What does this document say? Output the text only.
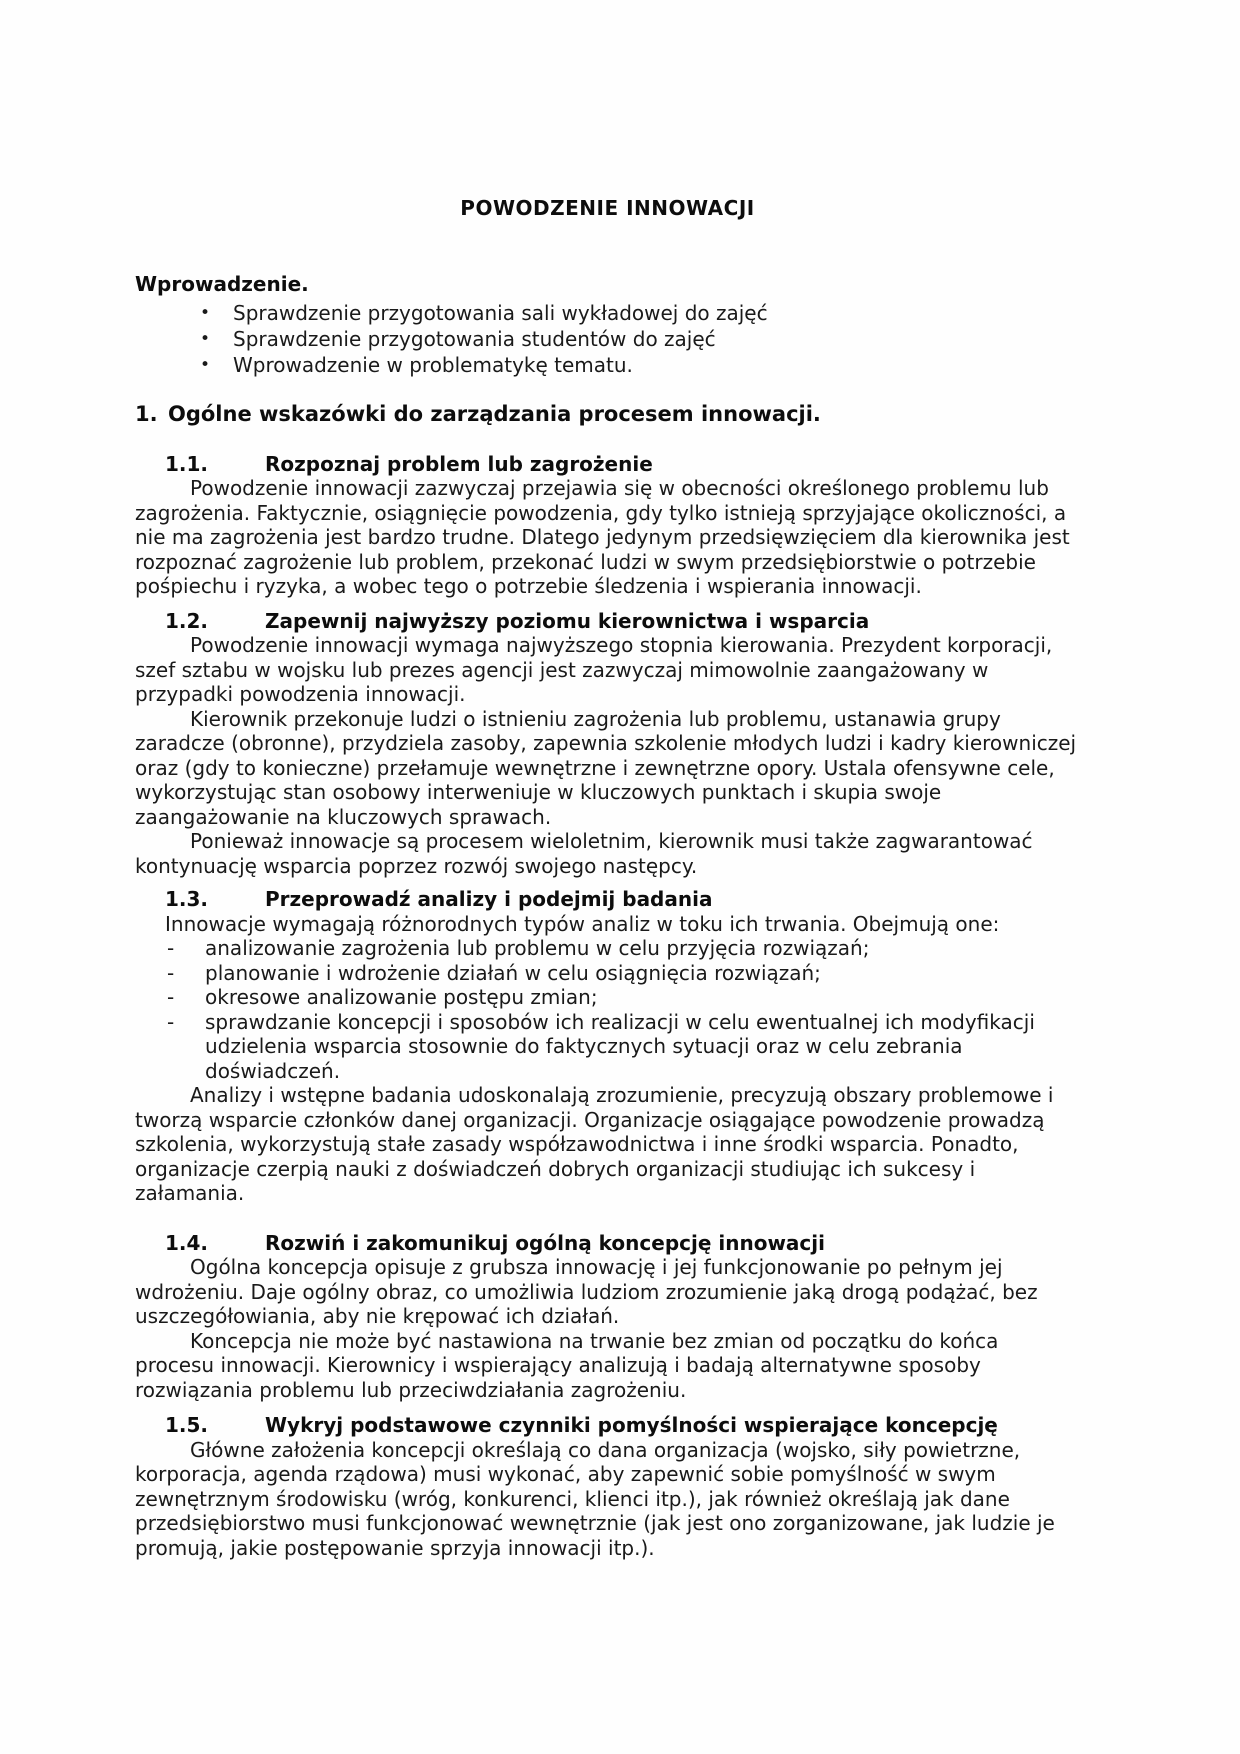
POWODZENIE INNOWACJI

Wprowadzenie.

•	Sprawdzenie przygotowania sali wykładowej do zajęć
•	Sprawdzenie przygotowania studentów do zajęć
•	Wprowadzenie w problematykę tematu.
1. Ogólne wskazówki do zarządzania procesem innowacji.
1.1.	Rozpoznaj problem lub zagrożenie

Powodzenie innowacji zazwyczaj przejawia się w obecności określonego problemu lub zagrożenia. Faktycznie, osiągnięcie powodzenia, gdy tylko istnieją sprzyjające okoliczności, a nie ma zagrożenia jest bardzo trudne. Dlatego jedynym przedsięwzięciem dla kierownika jest rozpoznać zagrożenie lub problem, przekonać ludzi w swym przedsiębiorstwie o potrzebie pośpiechu i ryzyka, a wobec tego o potrzebie śledzenia i wspierania innowacji.

1.2.	Zapewnij najwyższy poziomu kierownictwa i wsparcia

Powodzenie innowacji wymaga najwyższego stopnia kierowania. Prezydent korporacji, szef sztabu w wojsku lub prezes agencji jest zazwyczaj mimowolnie zaangażowany w przypadki powodzenia innowacji.

Kierownik przekonuje ludzi o istnieniu zagrożenia lub problemu, ustanawia grupy zaradcze (obronne), przydziela zasoby, zapewnia szkolenie młodych ludzi i kadry kierowniczej oraz (gdy to konieczne) przełamuje wewnętrzne i zewnętrzne opory. Ustala ofensywne cele, wykorzystując stan osobowy interweniuje w kluczowych punktach i skupia swoje zaangażowanie na kluczowych sprawach.

Ponieważ innowacje są procesem wieloletnim, kierownik musi także zagwarantować kontynuację wsparcia poprzez rozwój swojego następcy.

1.3.	Przeprowadź analizy i podejmij badania

Innowacje wymagają różnorodnych typów analiz w toku ich trwania. Obejmują one:

-	analizowanie zagrożenia lub problemu w celu przyjęcia rozwiązań;
-	planowanie i wdrożenie działań w celu osiągnięcia rozwiązań;
-	okresowe analizowanie postępu zmian;
-	sprawdzanie koncepcji i sposobów ich realizacji w celu ewentualnej ich modyfikacji udzielenia wsparcia stosownie do faktycznych sytuacji oraz w celu zebrania doświadczeń.

Analizy i wstępne badania udoskonalają zrozumienie, precyzują obszary problemowe i tworzą wsparcie członków danej organizacji. Organizacje osiągające powodzenie prowadzą szkolenia, wykorzystują stałe zasady współzawodnictwa i inne środki wsparcia. Ponadto, organizacje czerpią nauki z doświadczeń dobrych organizacji studiując ich sukcesy i załamania.

1.4.	Rozwiń i zakomunikuj ogólną koncepcję innowacji

Ogólna koncepcja opisuje z grubsza innowację i jej funkcjonowanie po pełnym jej wdrożeniu. Daje ogólny obraz, co umożliwia ludziom zrozumienie jaką drogą podążać, bez uszczegółowiania, aby nie krępować ich działań.

Koncepcja nie może być nastawiona na trwanie bez zmian od początku do końca procesu innowacji. Kierownicy i wspierający analizują i badają alternatywne sposoby rozwiązania problemu lub przeciwdziałania zagrożeniu.

1.5.	Wykryj podstawowe czynniki pomyślności wspierające koncepcję

Główne założenia koncepcji określają co dana organizacja (wojsko, siły powietrzne, korporacja, agenda rządowa) musi wykonać, aby zapewnić sobie pomyślność w swym zewnętrznym środowisku (wróg, konkurenci, klienci itp.), jak również określają jak dane przedsiębiorstwo musi funkcjonować wewnętrznie (jak jest ono zorganizowane, jak ludzie je promują, jakie postępowanie sprzyja innowacji itp.).
